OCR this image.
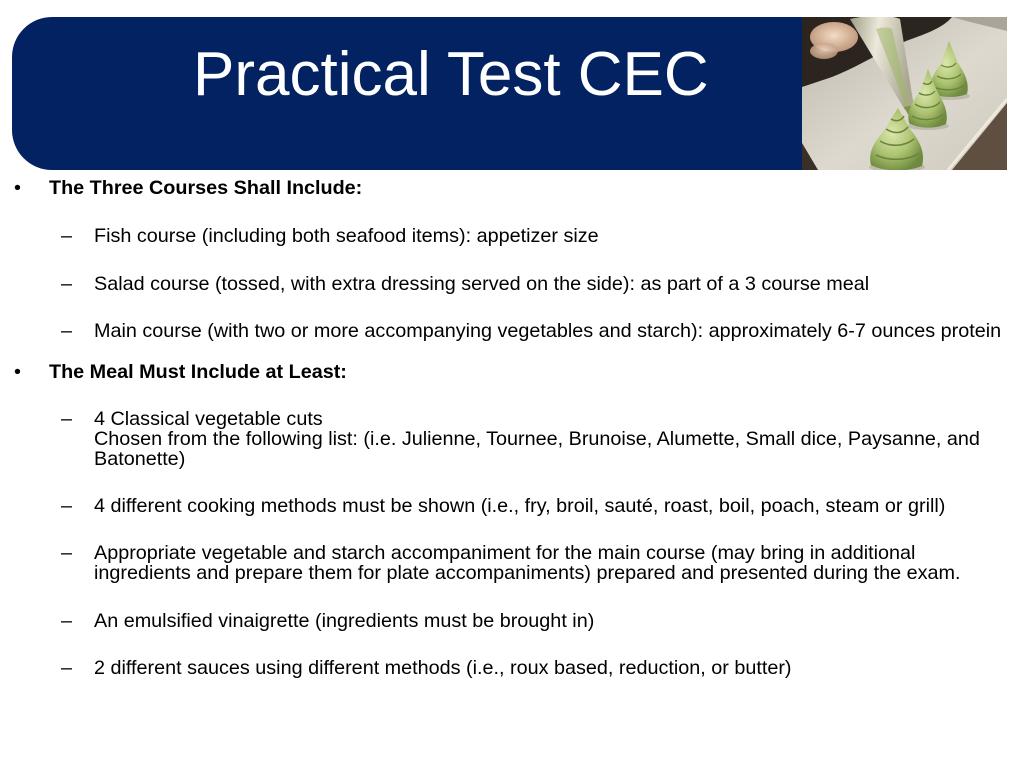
Practical Test CEC
• The Three Courses Shall Include:
– Fish course (including both seafood items): appetizer size
– Salad course (tossed, with extra dressing served on the side): as part of a 3 course meal
– Main course (with two or more accompanying vegetables and starch): approximately 6-7 ounces protein
• The Meal Must Include at Least:
– 4 Classical vegetable cuts
Chosen from the following list: (i.e. Julienne, Tournee, Brunoise, Alumette, Small dice, Paysanne, and
Batonette)
– 4 different cooking methods must be shown (i.e., fry, broil, sauté, roast, boil, poach, steam or grill)
– Appropriate vegetable and starch accompaniment for the main course (may bring in additional
ingredients and prepare them for plate accompaniments) prepared and presented during the exam.
– An emulsified vinaigrette (ingredients must be brought in)
– 2 different sauces using different methods (i.e., roux based, reduction, or butter)
